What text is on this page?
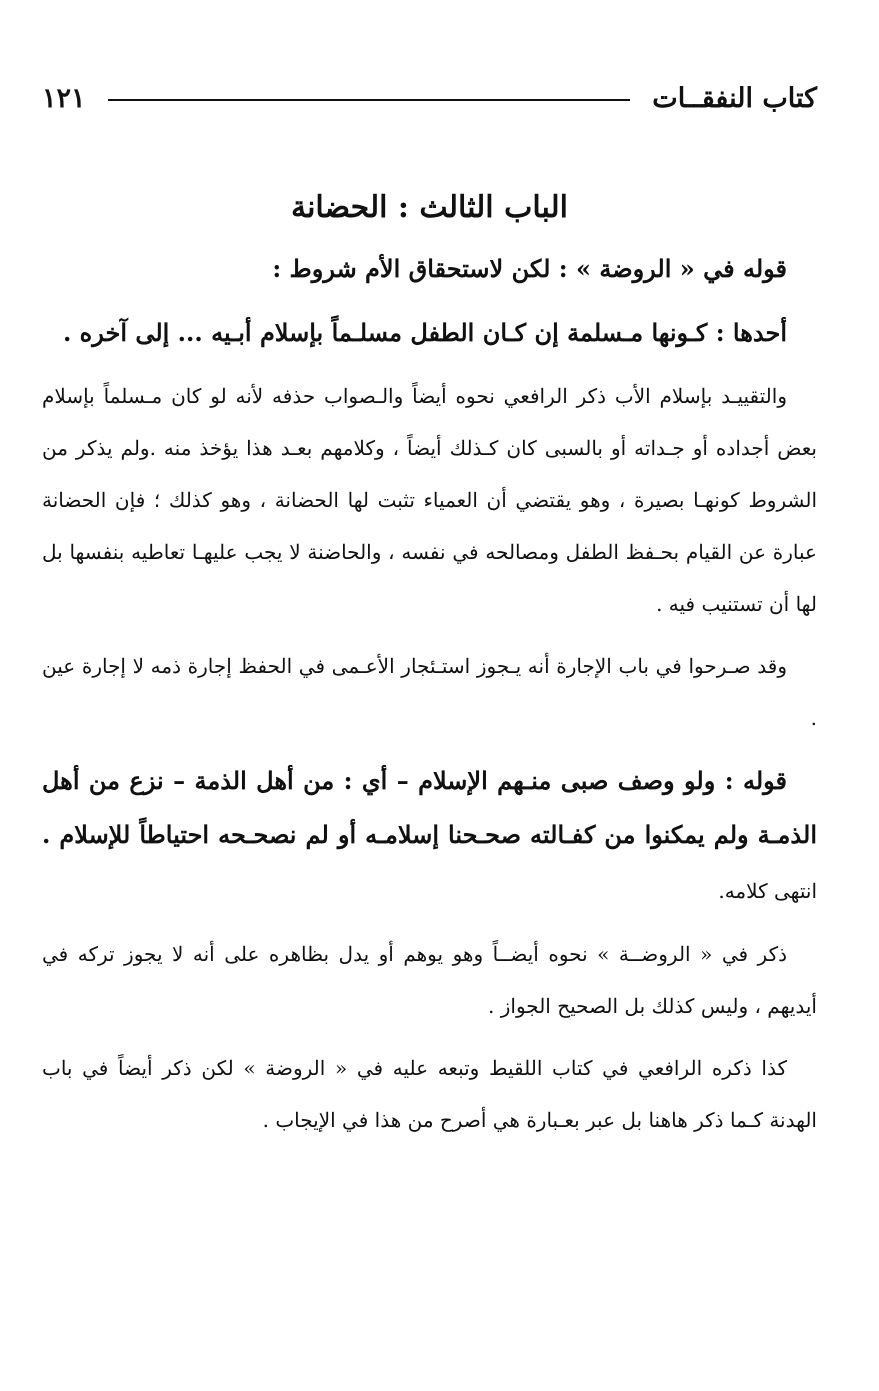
كتاب النفقــات
١٢١
الباب الثالث : الحضانة

قوله في « الروضة » : لكن لاستحقاق الأم شروط :

أحدها : كـونها مـسلمة إن كـان الطفل مسلـماً بإسلام أبـيه ... إلى آخره .

والتقييـد بإسلام الأب ذكر الرافعي نحوه أيضاً والـصواب حذفه لأنه لو كان مـسلماً بإسلام بعض أجداده أو جـداته أو بالسبى كان كـذلك أيضاً ، وكلامهم بعـد هذا يؤخذ منه .ولم يذكر من الشروط كونهـا بصيرة ، وهو يقتضي أن العمياء تثبت لها الحضانة ، وهو كذلك ؛ فإن الحضانة عبارة عن القيام بحـفظ الطفل ومصالحه في نفسه ، والحاضنة لا يجب عليهـا تعاطيه بنفسها بل لها أن تستنيب فيه .

وقد صـرحوا في باب الإجارة أنه يـجوز استـئجار الأعـمى في الحفظ إجارة ذمه لا إجارة عين .

قوله : ولو وصف صبى منـهم الإسلام – أي : من أهل الذمة – نزع من أهل الذمـة ولم يمكنوا من كفـالته صحـحنا إسلامـه أو لم نصحـحه احتياطاً للإسلام . انتهى كلامه.

ذكر في « الروضــة » نحوه أيضــاً وهو يوهم أو يدل بظاهره على أنه لا يجوز تركه في أيديهم ، وليس كذلك بل الصحيح الجواز .

كذا ذكره الرافعي في كتاب اللقيط وتبعه عليه في « الروضة » لكن ذكر أيضاً في باب الهدنة كـما ذكر هاهنا بل عبر بعـبارة هي أصرح من هذا في الإيجاب .
